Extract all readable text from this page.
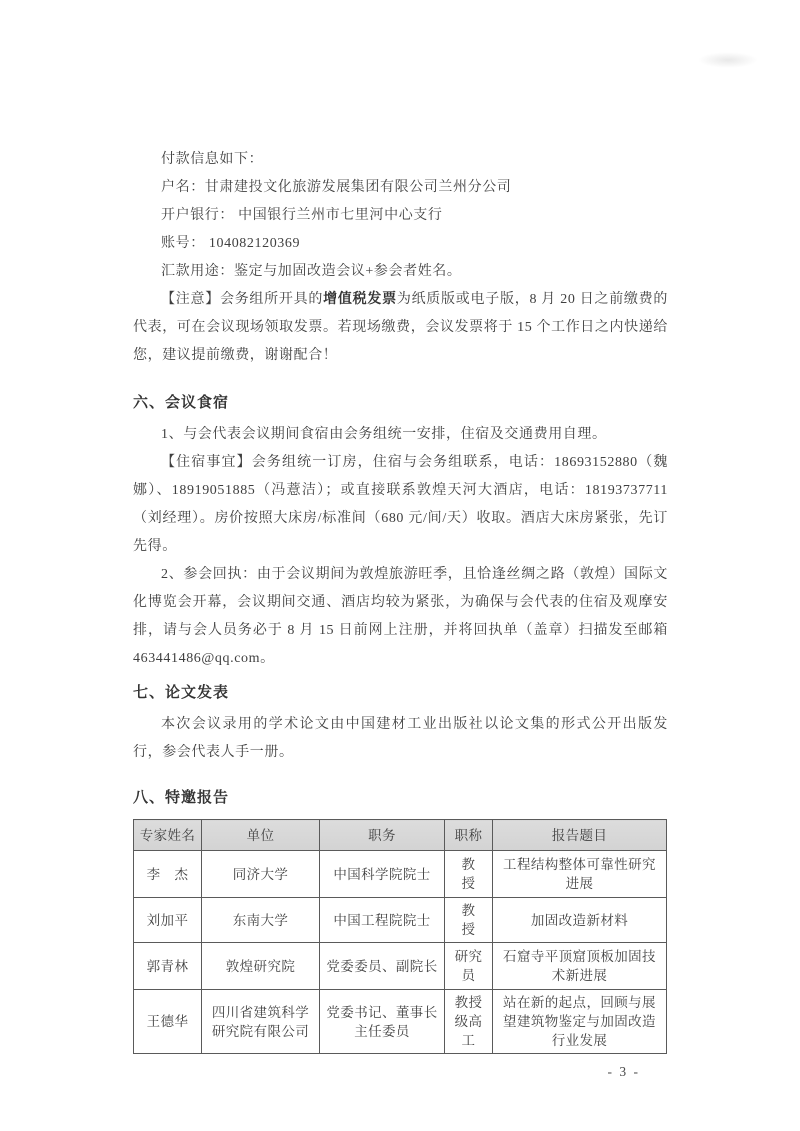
付款信息如下：
户名：甘肃建投文化旅游发展集团有限公司兰州分公司
开户银行： 中国银行兰州市七里河中心支行
账号： 104082120369
汇款用途：鉴定与加固改造会议+参会者姓名。

【注意】会务组所开具的增值税发票为纸质版或电子版，8 月 20 日之前缴费的代表，可在会议现场领取发票。若现场缴费，会议发票将于 15 个工作日之内快递给您，建议提前缴费，谢谢配合！

六、会议食宿

1、与会代表会议期间食宿由会务组统一安排，住宿及交通费用自理。

【住宿事宜】会务组统一订房，住宿与会务组联系，电话：18693152880（魏娜）、18919051885（冯薏洁）；或直接联系敦煌天河大酒店，电话：18193737711（刘经理）。房价按照大床房/标准间（680 元/间/天）收取。酒店大床房紧张，先订先得。

2、参会回执：由于会议期间为敦煌旅游旺季，且恰逢丝绸之路（敦煌）国际文化博览会开幕，会议期间交通、酒店均较为紧张，为确保与会代表的住宿及观摩安排，请与会人员务必于 8 月 15 日前网上注册，并将回执单（盖章）扫描发至邮箱 463441486@qq.com。

七、论文发表

本次会议录用的学术论文由中国建材工业出版社以论文集的形式公开出版发行，参会代表人手一册。

八、特邀报告
专家姓名	单位	职务	职称	报告题目
李　杰	同济大学	中国科学院院士	教　授	工程结构整体可靠性研究进展
刘加平	东南大学	中国工程院院士	教　授	加固改造新材料
郭青林	敦煌研究院	党委委员、副院长	研究员	石窟寺平顶窟顶板加固技术新进展
王德华	四川省建筑科学研究院有限公司	党委书记、董事长 主任委员	教授级高工	站在新的起点，回顾与展望建筑物鉴定与加固改造行业发展
- 3 -
